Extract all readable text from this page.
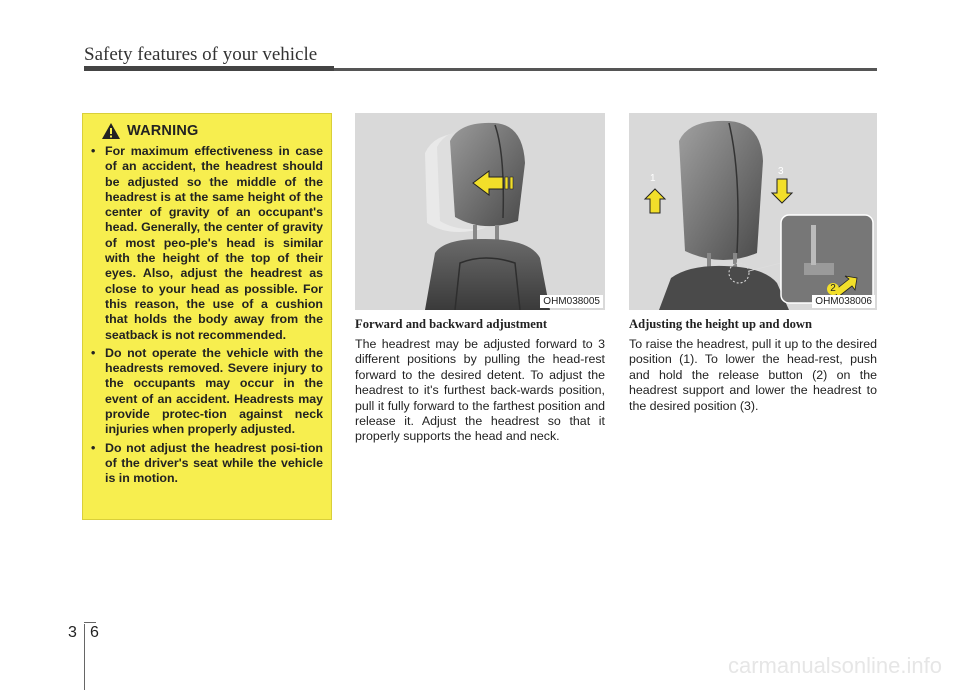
Safety features of your vehicle
WARNING
• For maximum effectiveness in case of an accident, the headrest should be adjusted so the middle of the headrest is at the same height of the center of gravity of an occupant's head. Generally, the center of gravity of most peo-ple's head is similar with the height of the top of their eyes. Also, adjust the headrest as close to your head as possible. For this reason, the use of a cushion that holds the body away from the seatback is not recommended.
• Do not operate the vehicle with the headrests removed. Severe injury to the occupants may occur in the event of an accident. Headrests may provide protec-tion against neck injuries when properly adjusted.
• Do not adjust the headrest posi-tion of the driver's seat while the vehicle is in motion.
OHM038005
1
2
3
OHM038006
Forward and backward adjustment

The headrest may be adjusted forward to 3 different positions by pulling the head-rest forward to the desired detent. To adjust the headrest to it's furthest back-wards position, pull it fully forward to the farthest position and release it. Adjust the headrest so that it properly supports the head and neck.

Adjusting the height up and down

To raise the headrest, pull it up to the desired position (1). To lower the head-rest, push and hold the release button (2) on the headrest support and lower the headrest to the desired position (3).

3 6
carmanualsonline.info
